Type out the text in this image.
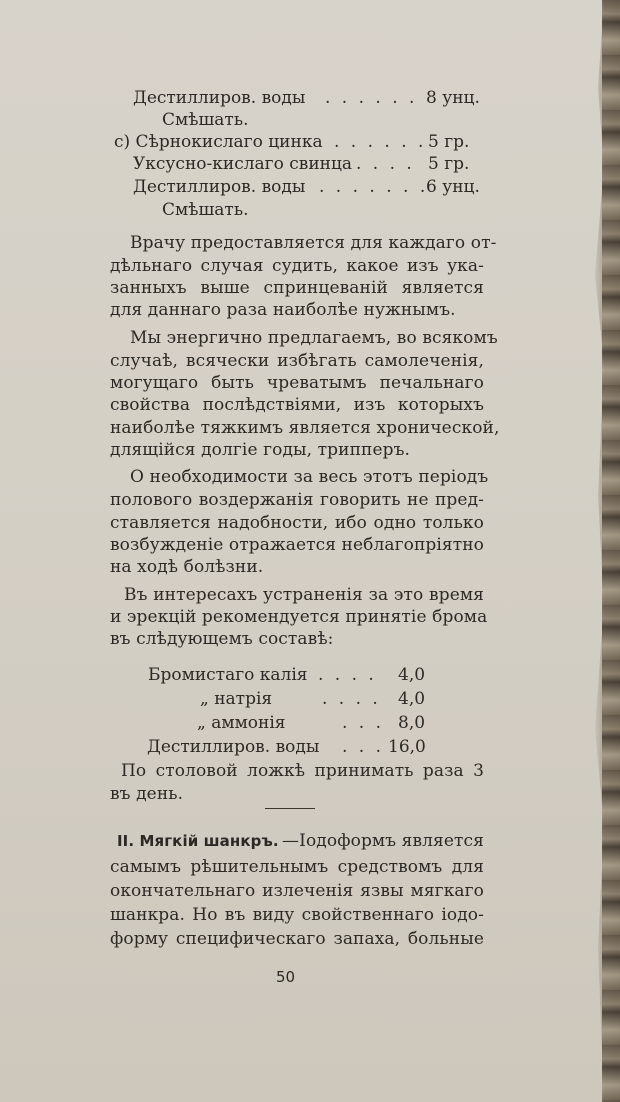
Дестиллиров. воды . . . . . . 8 унц.
Смѣшать.
с) Сѣрнокислаго цинка . . . . . . 5 гр.
Уксусно-кислаго свинца . . . . 5 гр.
Дестиллиров. воды . . . . . . .
6 унц.
Смѣшать.
Врачу предоставляется для каждаго от-
дѣльнаго случая судить, какое изъ ука-
занныхъ выше спринцеваній является
для даннаго раза наиболѣе нужнымъ.
Мы энергично предлагаемъ, во всякомъ
случаѣ, всячески избѣгать самолеченія,
могущаго быть чреватымъ печальнаго
свойства послѣдствіями, изъ которыхъ
наиболѣе тяжкимъ является хронической,
длящійся долгіе годы, трипперъ.
О необходимости за весь этотъ періодъ
полового воздержанія говорить не пред-
ставляется надобности, ибо одно только
возбужденіе отражается неблагопріятно
на ходѣ болѣзни.
Въ интересахъ устраненія за это время
и эрекцій рекомендуется принятіе брома
въ слѣдующемъ составѣ:
Бромистаго калія . . . . 4,0
„ натрія	. . . . 4,0
„ аммонія	. . . 8,0
Дестиллиров. воды . . . 16,0
По столовой ложкѣ принимать раза 3
въ день.
II. Мягкій шанкръ. —Іодоформъ является
самымъ рѣшительнымъ средствомъ для
окончательнаго излеченія язвы мягкаго
шанкра. Но въ виду свойственнаго іодо-
форму специфическаго запаха, больные
50
